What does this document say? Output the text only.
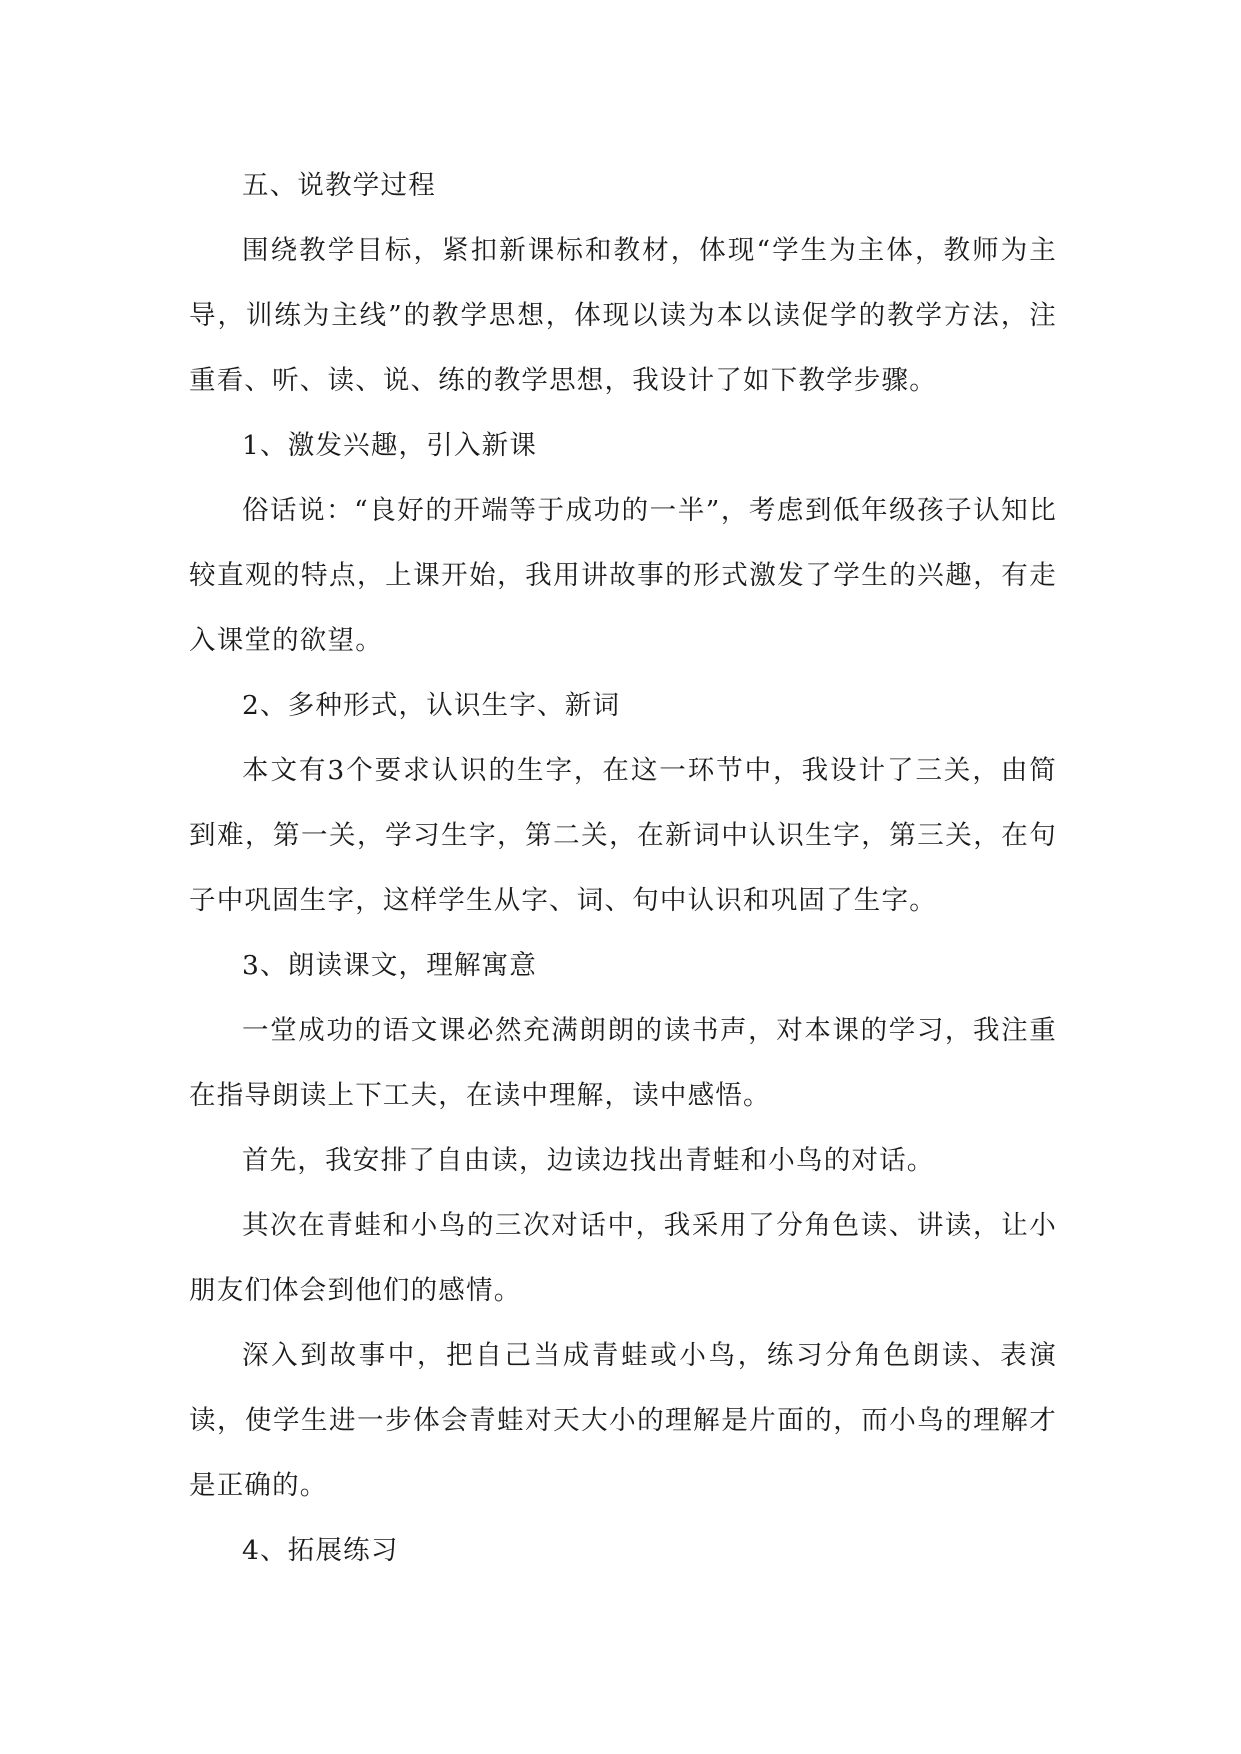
五、说教学过程

围绕教学目标，紧扣新课标和教材，体现“学生为主体，教师为主导，训练为主线”的教学思想，体现以读为本以读促学的教学方法，注重看、听、读、说、练的教学思想，我设计了如下教学步骤。

1、激发兴趣，引入新课

俗话说：“良好的开端等于成功的一半”，考虑到低年级孩子认知比较直观的特点，上课开始，我用讲故事的形式激发了学生的兴趣，有走入课堂的欲望。

2、多种形式，认识生字、新词

本文有3个要求认识的生字，在这一环节中，我设计了三关，由简到难，第一关，学习生字，第二关，在新词中认识生字，第三关，在句子中巩固生字，这样学生从字、词、句中认识和巩固了生字。

3、朗读课文，理解寓意

一堂成功的语文课必然充满朗朗的读书声，对本课的学习，我注重在指导朗读上下工夫，在读中理解，读中感悟。

首先，我安排了自由读，边读边找出青蛙和小鸟的对话。

其次在青蛙和小鸟的三次对话中，我采用了分角色读、讲读，让小朋友们体会到他们的感情。

深入到故事中，把自己当成青蛙或小鸟，练习分角色朗读、表演读，使学生进一步体会青蛙对天大小的理解是片面的，而小鸟的理解才是正确的。

4、拓展练习
